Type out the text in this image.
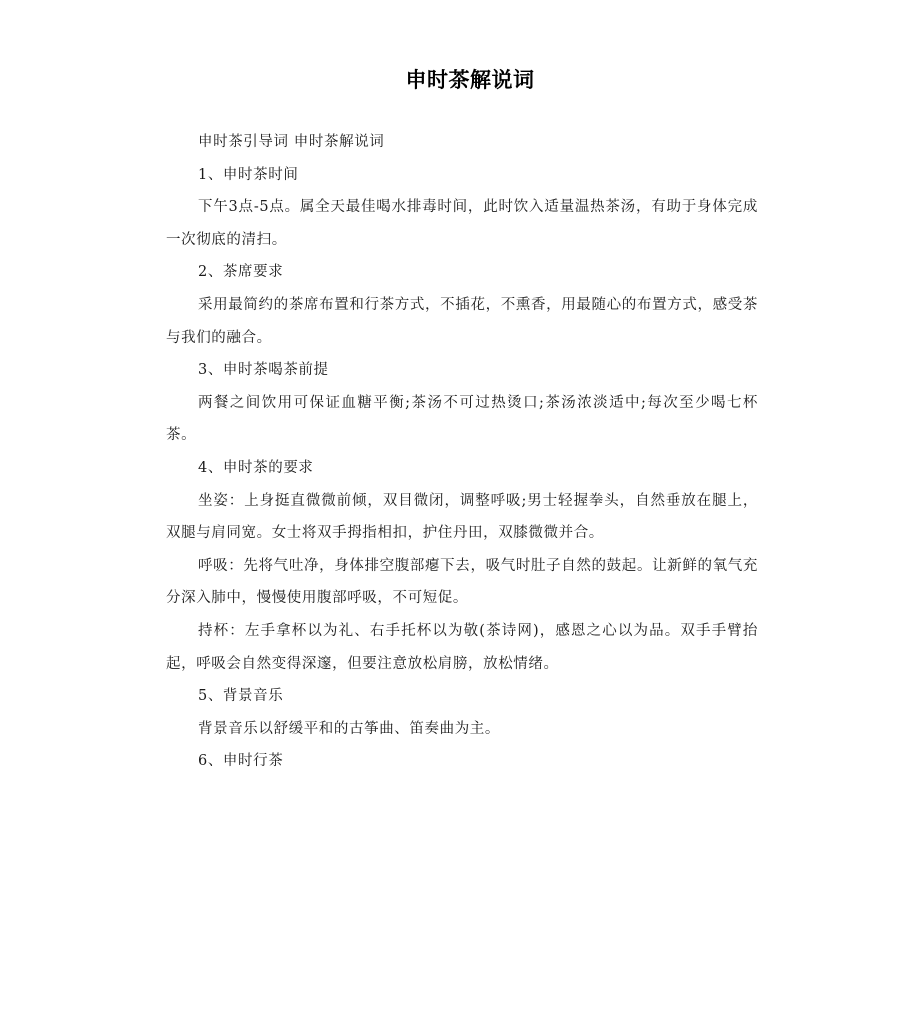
申时茶解说词

申时茶引导词 申时茶解说词

1、申时茶时间

下午3点-5点。属全天最佳喝水排毒时间，此时饮入适量温热茶汤，有助于身体完成一次彻底的清扫。

2、茶席要求

采用最简约的茶席布置和行茶方式，不插花，不熏香，用最随心的布置方式，感受茶与我们的融合。

3、申时茶喝茶前提

两餐之间饮用可保证血糖平衡;茶汤不可过热烫口;茶汤浓淡适中;每次至少喝七杯茶。

4、申时茶的要求

坐姿：上身挺直微微前倾，双目微闭，调整呼吸;男士轻握拳头，自然垂放在腿上，双腿与肩同宽。女士将双手拇指相扣，护住丹田，双膝微微并合。

呼吸：先将气吐净，身体排空腹部瘪下去，吸气时肚子自然的鼓起。让新鲜的氧气充分深入肺中，慢慢使用腹部呼吸，不可短促。

持杯：左手拿杯以为礼、右手托杯以为敬(茶诗网)，感恩之心以为品。双手手臂抬起，呼吸会自然变得深邃，但要注意放松肩膀，放松情绪。

5、背景音乐

背景音乐以舒缓平和的古筝曲、笛奏曲为主。

6、申时行茶
